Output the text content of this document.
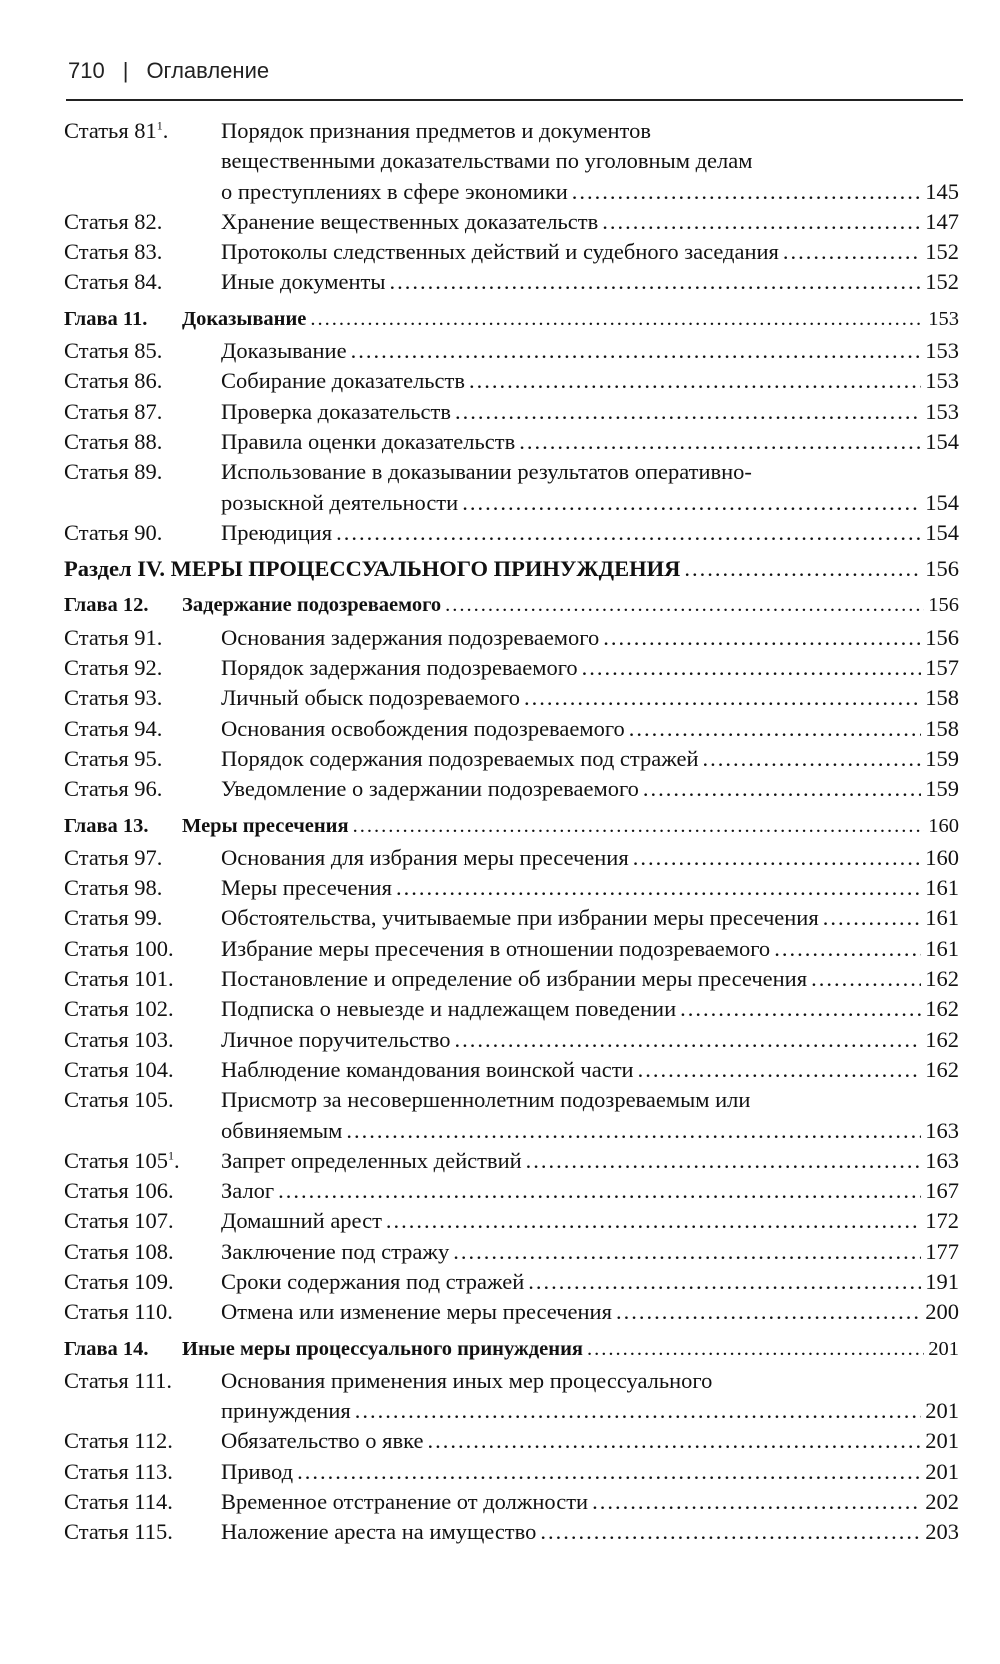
710 | Оглавление
Статья $81^1$.	Порядок признания предметов и документов
вещественными доказательствами по уголовным делам
о преступлениях в сфере экономики .....	145
Статья 82.	Хранение вещественных доказательств .....	147
Статья 83.	Протоколы следственных действий и судебного заседания .....	152
Статья 84.	Иные документы .....	152
Глава 11.	Доказывание .....	153
Статья 85.	Доказывание .....	153
Статья 86.	Собирание доказательств .....	153
Статья 87.	Проверка доказательств .....	153
Статья 88.	Правила оценки доказательств .....	154
Статья 89.	Использование в доказывании результатов оперативно-
розыскной деятельности .....	154
Статья 90.	Преюдиция .....	154
Раздел IV. МЕРЫ ПРОЦЕССУАЛЬНОГО ПРИНУЖДЕНИЯ .....	156
Глава 12.	Задержание подозреваемого .....	156
Статья 91.	Основания задержания подозреваемого .....	156
Статья 92.	Порядок задержания подозреваемого .....	157
Статья 93.	Личный обыск подозреваемого .....	158
Статья 94.	Основания освобождения подозреваемого .....	158
Статья 95.	Порядок содержания подозреваемых под стражей .....	159
Статья 96.	Уведомление о задержании подозреваемого .....	159
Глава 13.	Меры пресечения .....	160
Статья 97.	Основания для избрания меры пресечения .....	160
Статья 98.	Меры пресечения .....	161
Статья 99.	Обстоятельства, учитываемые при избрании меры пресечения .....	161
Статья 100.	Избрание меры пресечения в отношении подозреваемого .....	161
Статья 101.	Постановление и определение об избрании меры пресечения .....	162
Статья 102.	Подписка о невыезде и надлежащем поведении .....	162
Статья 103.	Личное поручительство .....	162
Статья 104.	Наблюдение командования воинской части .....	162
Статья 105.	Присмотр за несовершеннолетним подозреваемым или
обвиняемым .....	163
Статья $105^1$.	Запрет определенных действий .....	163
Статья 106.	Залог .....	167
Статья 107.	Домашний арест .....	172
Статья 108.	Заключение под стражу .....	177
Статья 109.	Сроки содержания под стражей .....	191
Статья 110.	Отмена или изменение меры пресечения .....	200
Глава 14.	Иные меры процессуального принуждения .....	201
Статья 111.	Основания применения иных мер процессуального
принуждения .....	201
Статья 112.	Обязательство о явке .....	201
Статья 113.	Привод .....	201
Статья 114.	Временное отстранение от должности .....	202
Статья 115.	Наложение ареста на имущество .....	203
